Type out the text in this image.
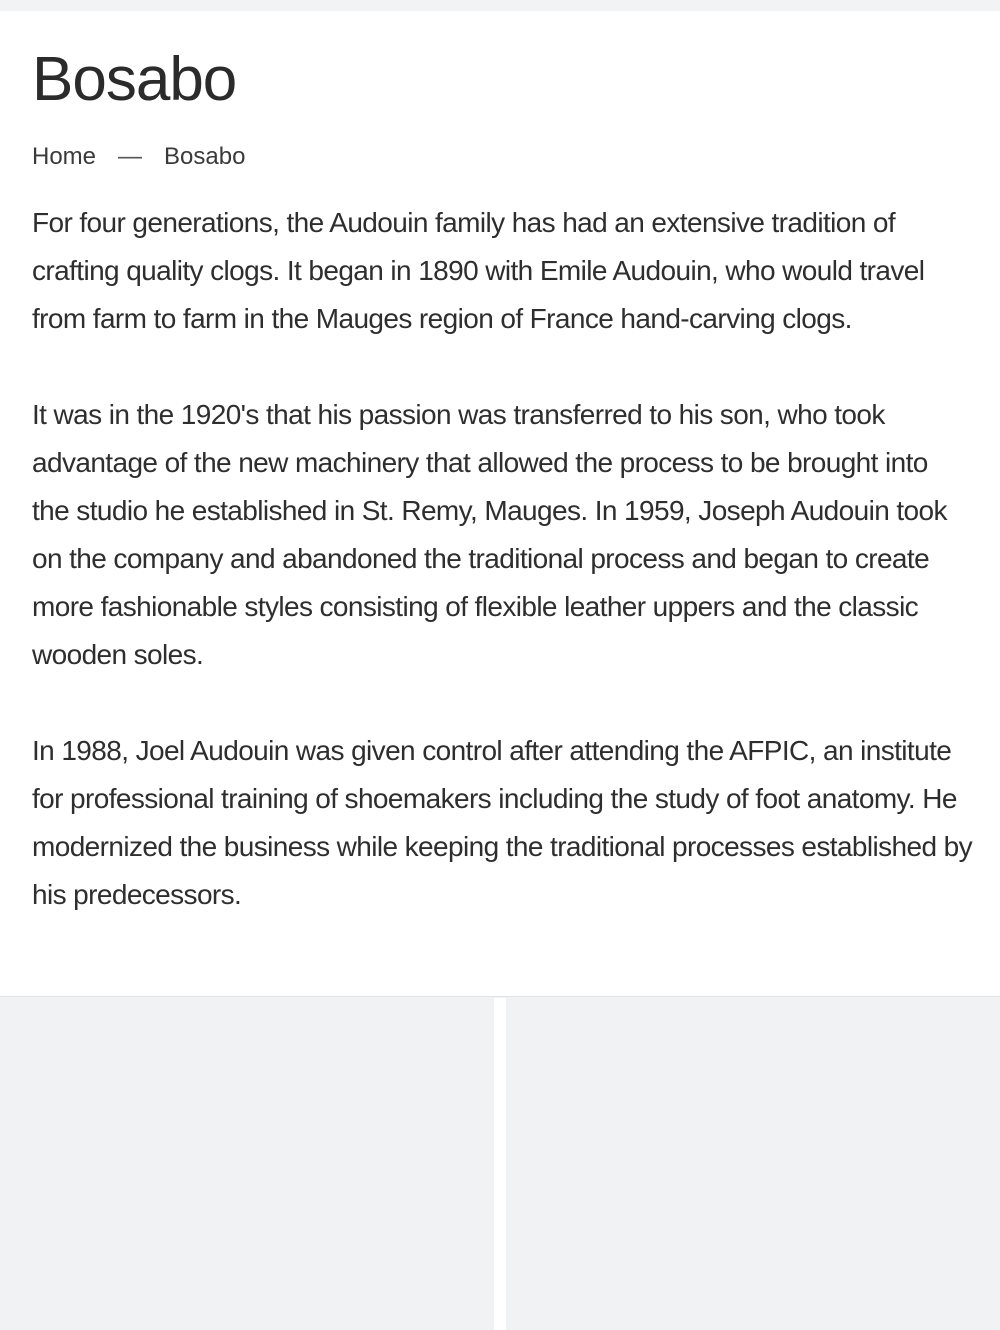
Bosabo
Home — Bosabo

For four generations, the Audouin family has had an extensive tradition of crafting quality clogs. It began in 1890 with Emile Audouin, who would travel from farm to farm in the Mauges region of France hand-carving clogs.

It was in the 1920's that his passion was transferred to his son, who took advantage of the new machinery that allowed the process to be brought into the studio he established in St. Remy, Mauges. In 1959, Joseph Audouin took on the company and abandoned the traditional process and began to create more fashionable styles consisting of flexible leather uppers and the classic wooden soles.

In 1988, Joel Audouin was given control after attending the AFPIC, an institute for professional training of shoemakers including the study of foot anatomy. He modernized the business while keeping the traditional processes established by his predecessors.
